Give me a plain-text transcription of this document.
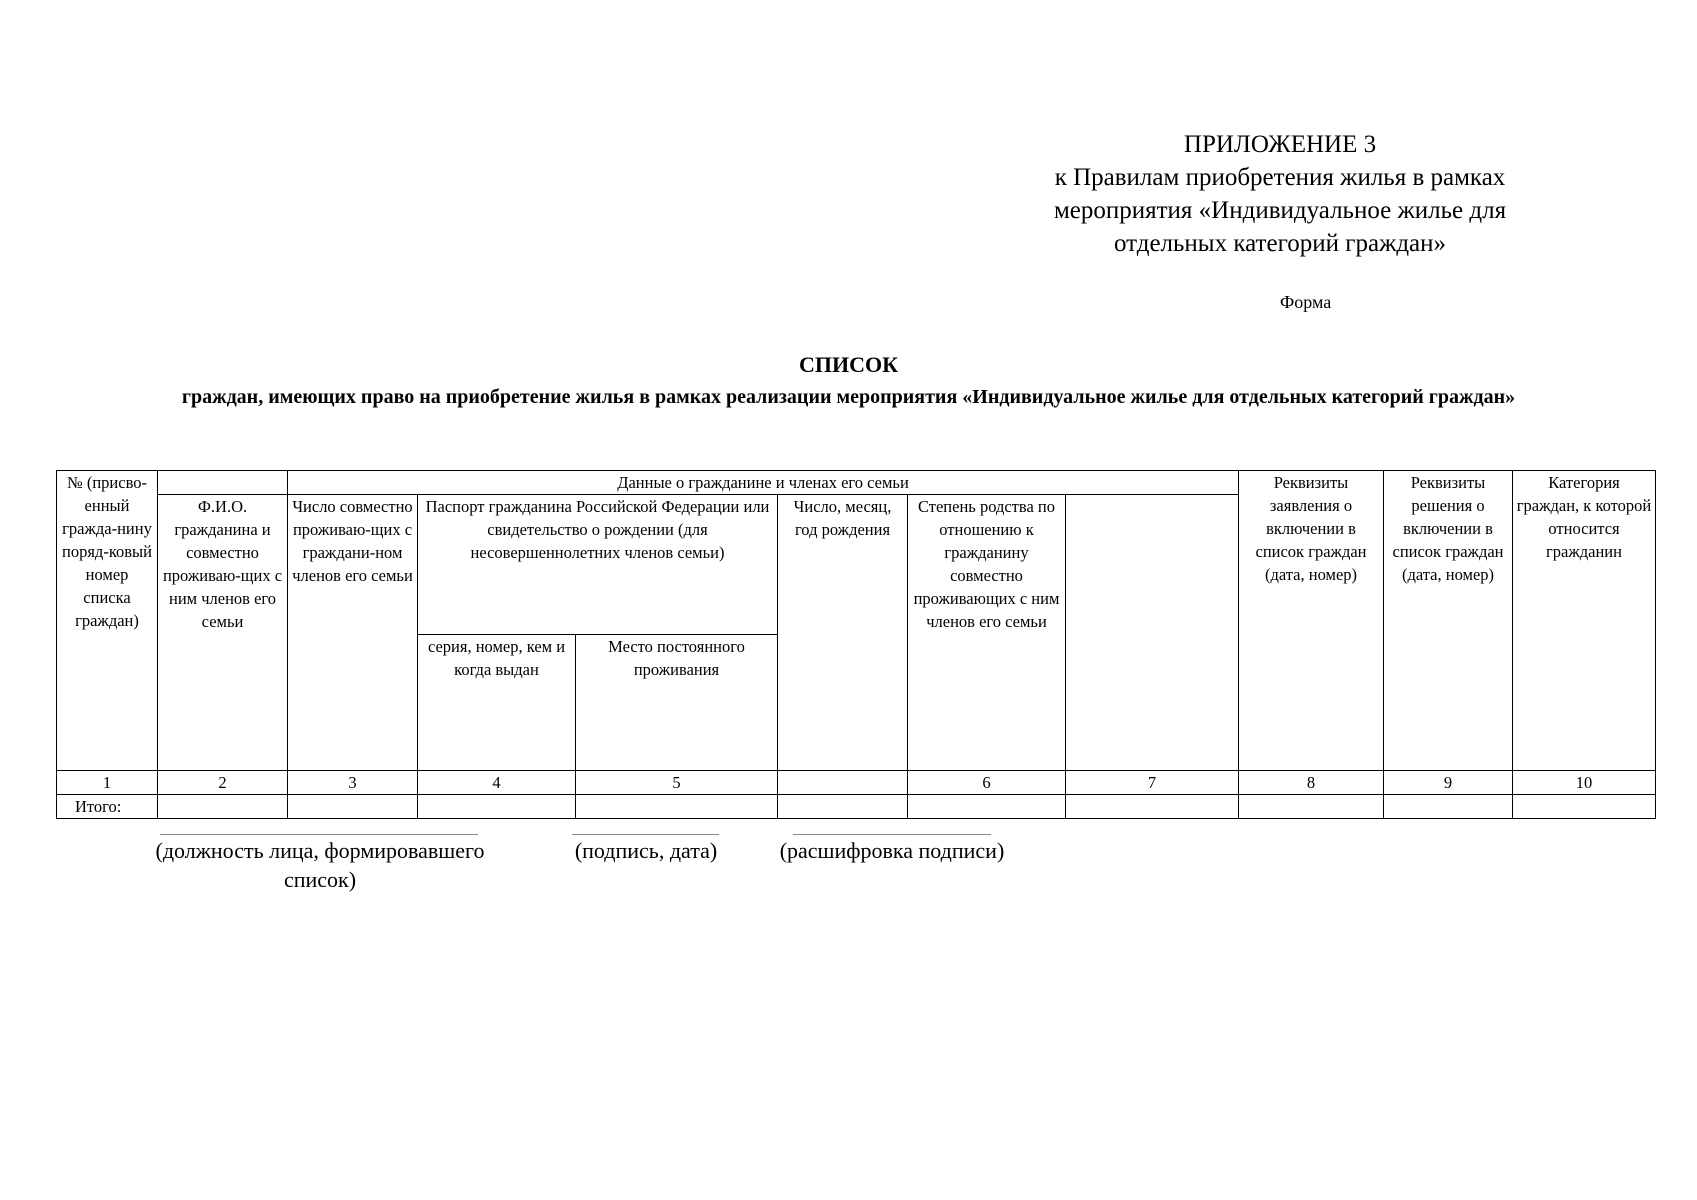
ПРИЛОЖЕНИЕ 3
к Правилам приобретения жилья в рамках
мероприятия «Индивидуальное жилье для
отдельных категорий граждан»
Форма
СПИСОК
граждан, имеющих право на приобретение жилья в рамках реализации мероприятия «Индивидуальное жилье для отдельных категорий граждан»
№ (присво-енный гражда-нину поряд-ковый номер списка граждан)		Данные о гражданине и членах его семьи						Реквизиты заявления о включении в список граждан (дата, номер)	Реквизиты решения о включении в список граждан (дата, номер)	Категория граждан, к которой относится гражданин	
	Ф.И.О. гражданина и совместно проживаю-щих с ним членов его семьи	Число совместно проживаю-щих с граждани-ном членов его семьи	Паспорт гражданина Российской Федерации или свидетельство о рождении (для несовершеннолетних членов семьи)		Число, месяц, год рождения	Степень родства по отношению к гражданину совместно проживающих с ним членов его семьи					
			серия, номер, кем и когда выдан	Место постоянного проживания							
1	2	3	4	5		6	7	8	9	10	
Итого:											
(должность лица, формировавшего список)
(подпись, дата)	(расшифровка подписи)
